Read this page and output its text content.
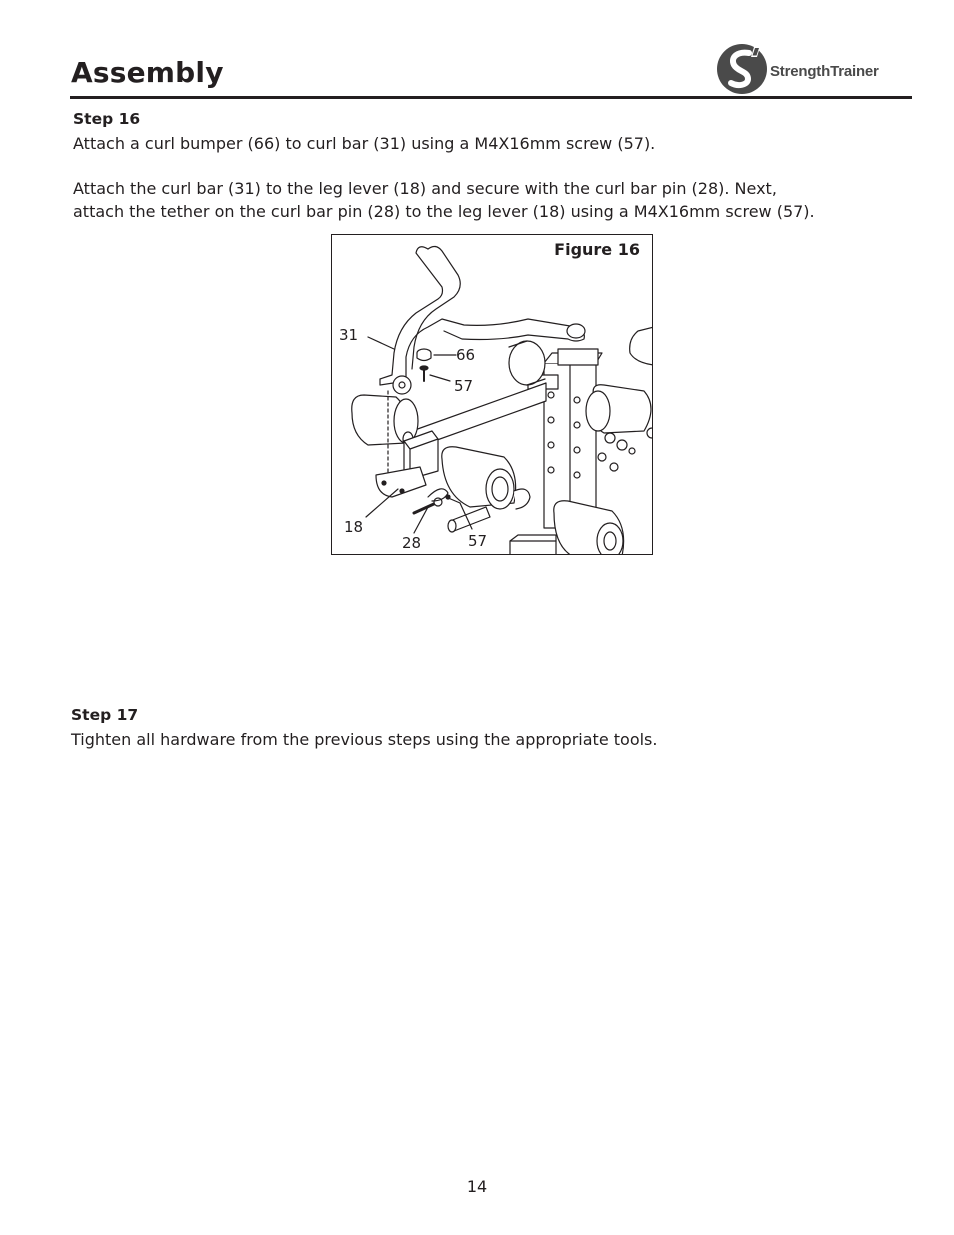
Assembly	StrengthTrainer
Step 16
Attach a curl bumper (66) to curl bar (31) using a M4X16mm screw (57).
Attach the curl bar (31) to the leg lever (18) and secure with the curl bar pin (28). Next,
attach the tether on the curl bar pin (28) to the leg lever (18) using a M4X16mm screw (57).
Figure 16
31
66
57
18
28	57
Step 17
Tighten all hardware from the previous steps using the appropriate tools.
14
